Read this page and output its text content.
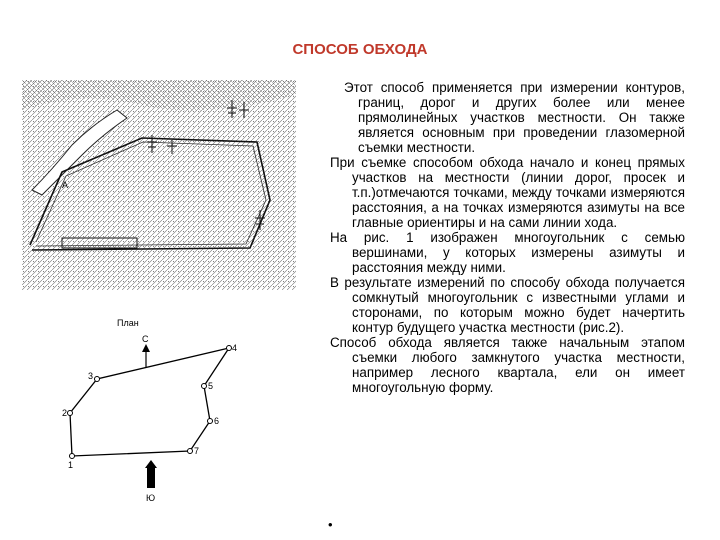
СПОСОБ ОБХОДА
A
План
С
1
2
3
4
5
6
7
Ю

Этот способ применяется при измерении контуров, границ, дорог и других более или менее прямолинейных участков местности. Он также является основным при проведении глазомерной съемки местности.

При съемке способом обхода начало и конец прямых участков на местности (линии дорог, просек и т.п.)отмечаются точками, между точками измеряются расстояния, а на точках измеряются азимуты на все главные ориентиры и на сами линии хода.

На рис. 1 изображен многоугольник с семью вершинами, у которых измерены азимуты и расстояния между ними.

В результате измерений по способу обхода получается сомкнутый многоугольник с известными углами и сторонами, по которым можно будет начертить контур будущего участка местности (рис.2).

Способ обхода является также начальным этапом съемки любого замкнутого участка местности, например лесного квартала, ели он имеет многоугольную форму.

•
